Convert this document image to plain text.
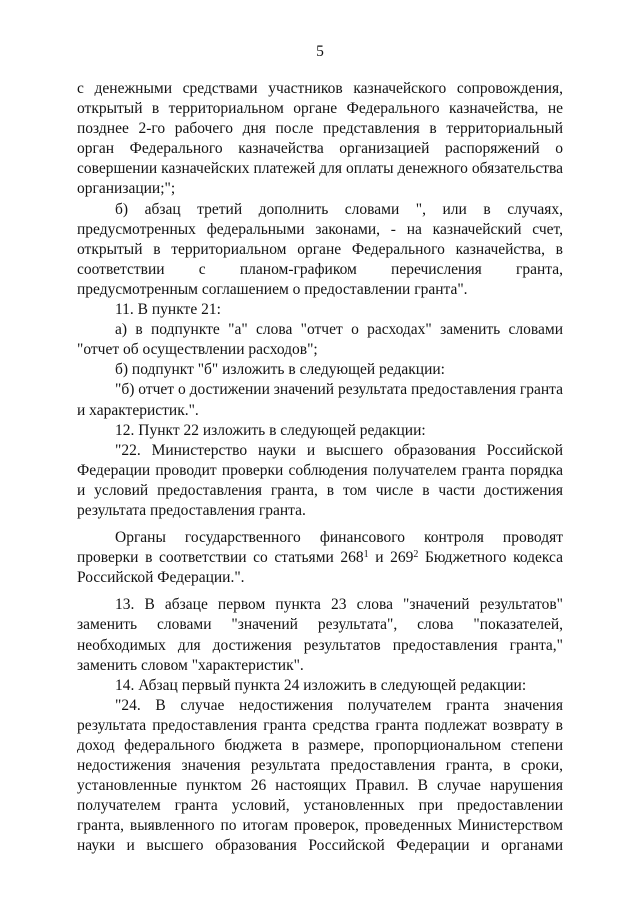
5

с денежными средствами участников казначейского сопровождения, открытый в территориальном органе Федерального казначейства, не позднее 2-го рабочего дня после представления в территориальный орган Федерального казначейства организацией распоряжений о совершении казначейских платежей для оплаты денежного обязательства организации;";

б) абзац третий дополнить словами ", или в случаях, предусмотренных федеральными законами, - на казначейский счет, открытый в территориальном органе Федерального казначейства, в соответствии с планом-графиком перечисления гранта, предусмотренным соглашением о предоставлении гранта".

11. В пункте 21:

а) в подпункте "а" слова "отчет о расходах" заменить словами "отчет об осуществлении расходов";

б) подпункт "б" изложить в следующей редакции:

"б) отчет о достижении значений результата предоставления гранта и характеристик.".

12. Пункт 22 изложить в следующей редакции:

"22. Министерство науки и высшего образования Российской Федерации проводит проверки соблюдения получателем гранта порядка и условий предоставления гранта, в том числе в части достижения результата предоставления гранта.

Органы государственного финансового контроля проводят проверки в соответствии со статьями $268^1$ и $269^2$ Бюджетного кодекса Российской Федерации.".

13. В абзаце первом пункта 23 слова "значений результатов" заменить словами "значений результата", слова "показателей, необходимых для достижения результатов предоставления гранта," заменить словом "характеристик".

14. Абзац первый пункта 24 изложить в следующей редакции:

"24. В случае недостижения получателем гранта значения результата предоставления гранта средства гранта подлежат возврату в доход федерального бюджета в размере, пропорциональном степени недостижения значения результата предоставления гранта, в сроки, установленные пунктом 26 настоящих Правил. В случае нарушения получателем гранта условий, установленных при предоставлении гранта, выявленного по итогам проверок, проведенных Министерством науки и высшего образования Российской Федерации и органами
